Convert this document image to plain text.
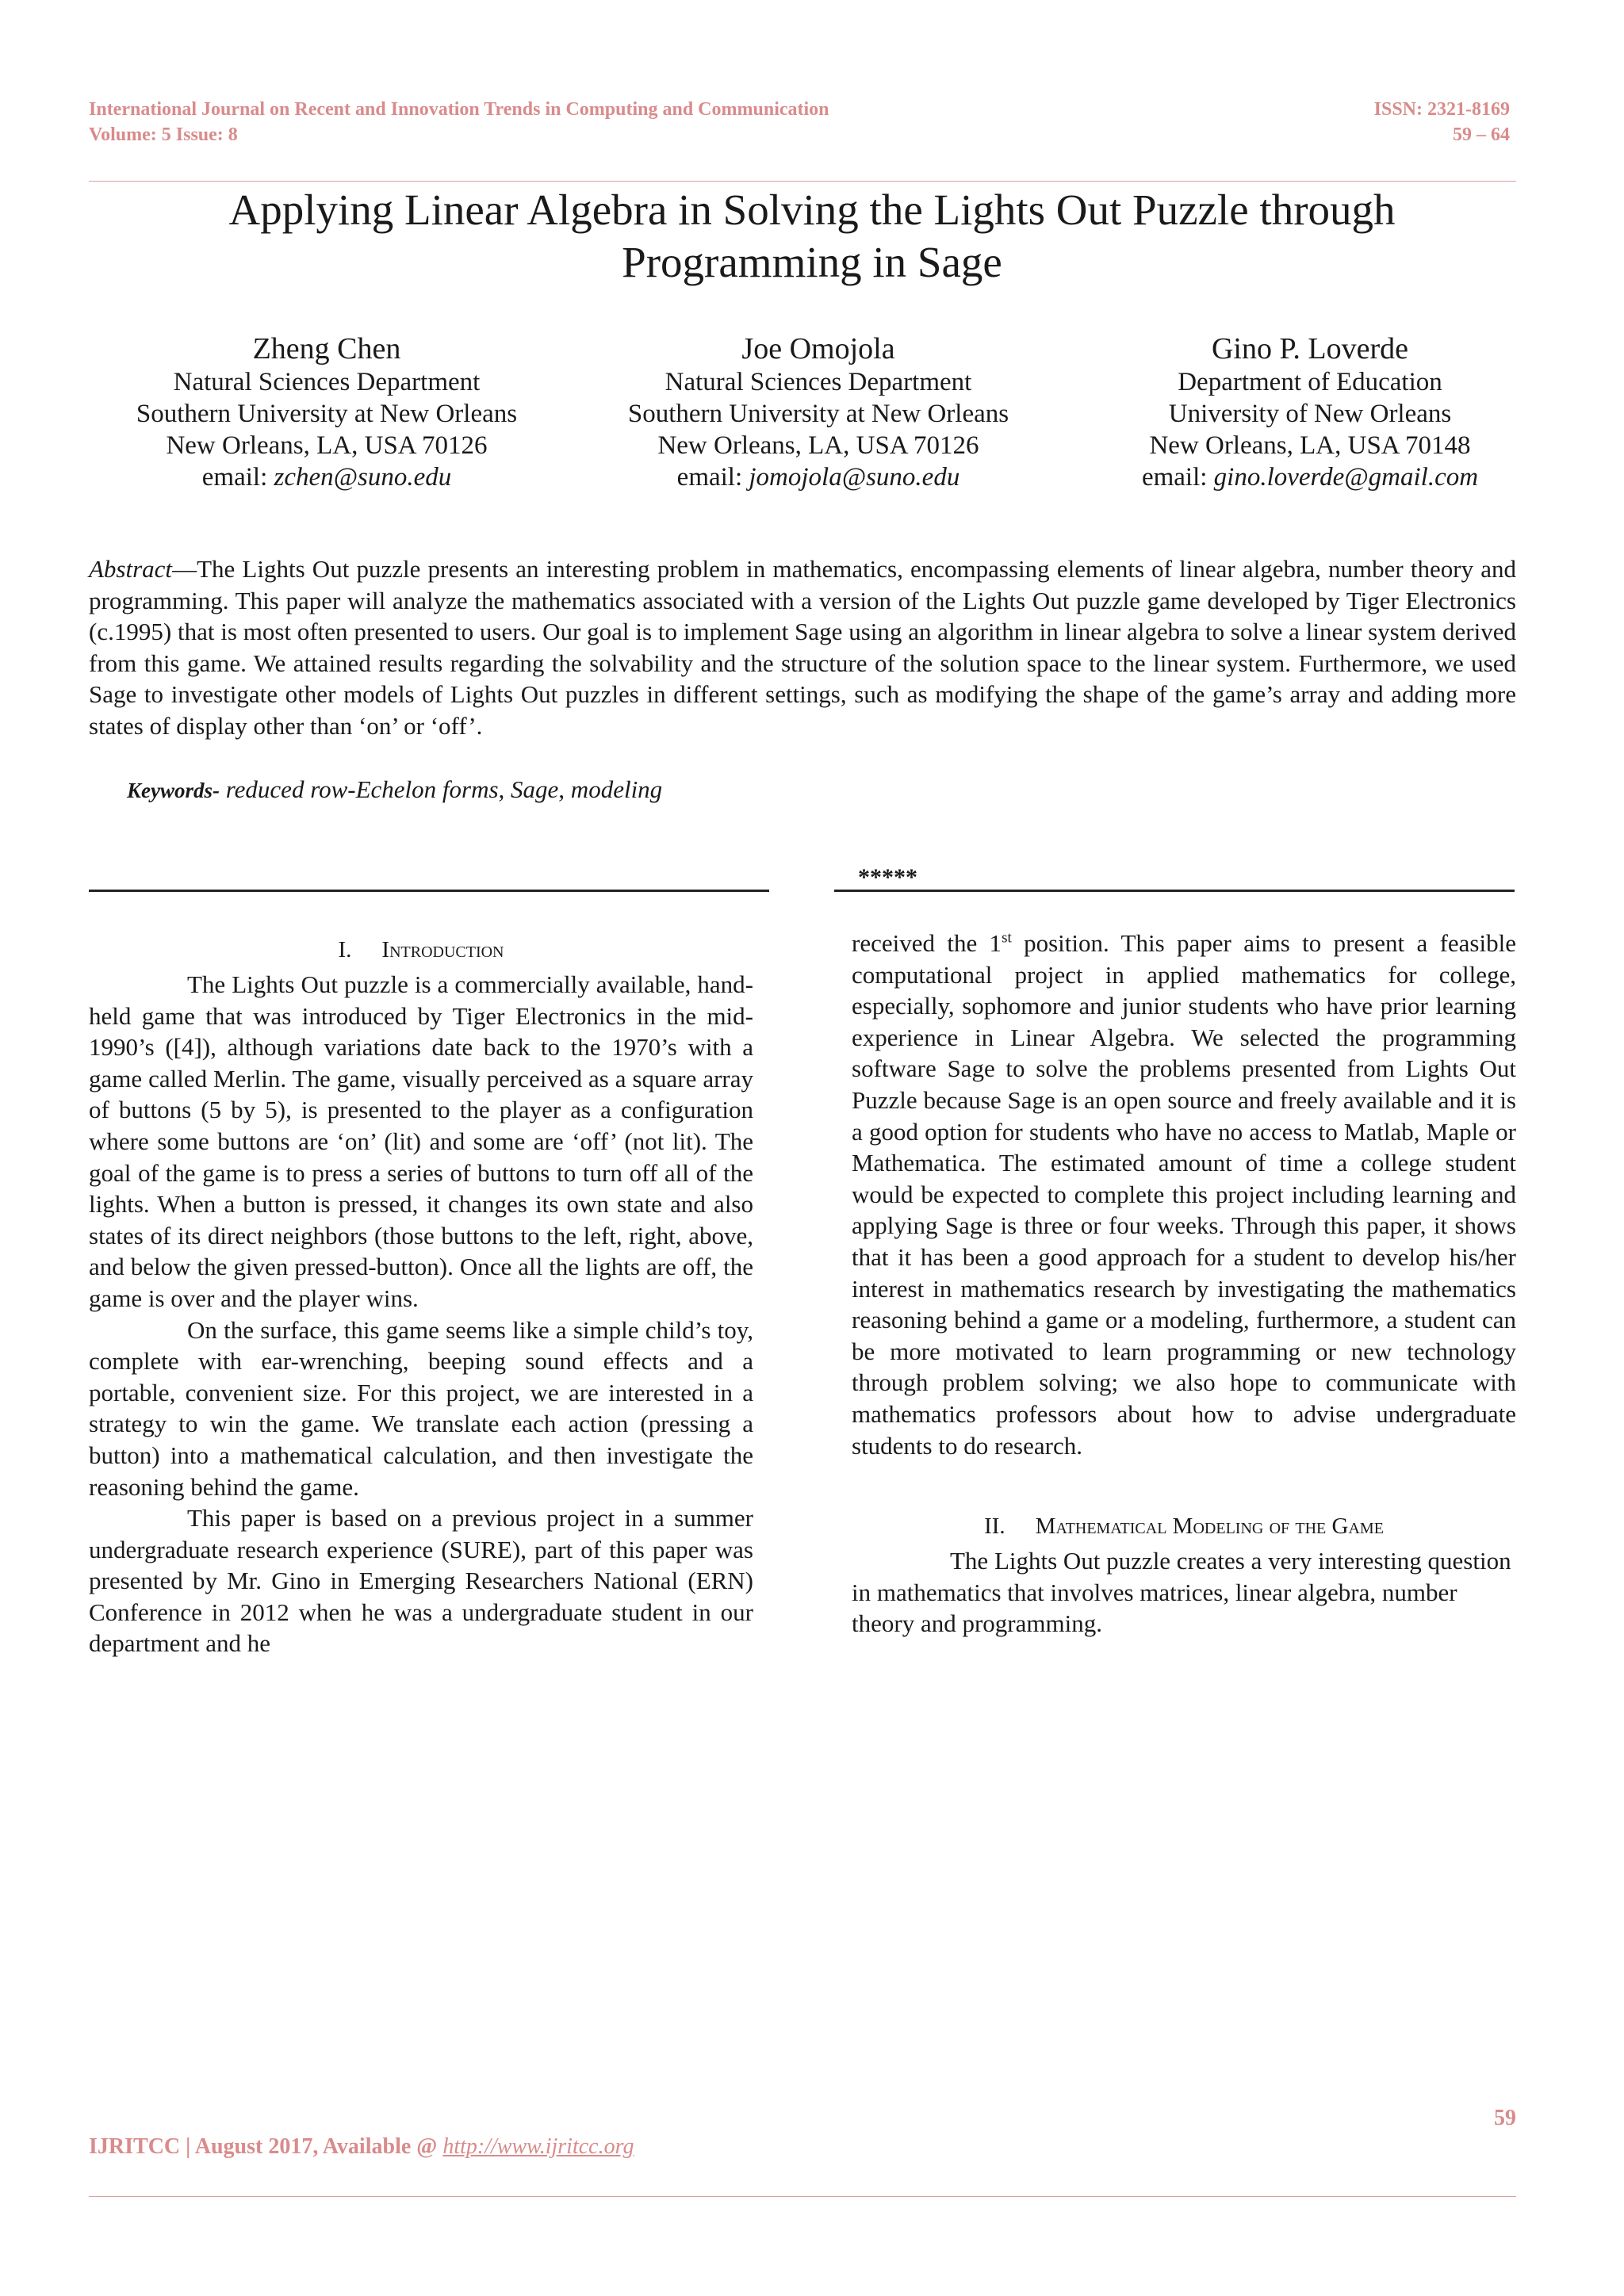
International Journal on Recent and Innovation Trends in Computing and Communication
Volume: 5 Issue: 8
ISSN: 2321-8169
59 – 64
Applying Linear Algebra in Solving the Lights Out Puzzle through Programming in Sage
Zheng Chen
Natural Sciences Department
Southern University at New Orleans
New Orleans, LA, USA 70126
email: zchen@suno.edu
Joe Omojola
Natural Sciences Department
Southern University at New Orleans
New Orleans, LA, USA 70126
email: jomojola@suno.edu
Gino P. Loverde
Department of Education
University of New Orleans
New Orleans, LA, USA 70148
email: gino.loverde@gmail.com
Abstract—The Lights Out puzzle presents an interesting problem in mathematics, encompassing elements of linear algebra, number theory and programming. This paper will analyze the mathematics associated with a version of the Lights Out puzzle game developed by Tiger Electronics (c.1995) that is most often presented to users. Our goal is to implement Sage using an algorithm in linear algebra to solve a linear system derived from this game. We attained results regarding the solvability and the structure of the solution space to the linear system. Furthermore, we used Sage to investigate other models of Lights Out puzzles in different settings, such as modifying the shape of the game’s array and adding more states of display other than ‘on’ or ‘off’.
Keywords- reduced row-Echelon forms, Sage, modeling
*****
I. Introduction

The Lights Out puzzle is a commercially available, hand-held game that was introduced by Tiger Electronics in the mid-1990’s ([4]), although variations date back to the 1970’s with a game called Merlin. The game, visually perceived as a square array of buttons (5 by 5), is presented to the player as a configuration where some buttons are ‘on’ (lit) and some are ‘off’ (not lit). The goal of the game is to press a series of buttons to turn off all of the lights. When a button is pressed, it changes its own state and also states of its direct neighbors (those buttons to the left, right, above, and below the given pressed-button). Once all the lights are off, the game is over and the player wins.

On the surface, this game seems like a simple child’s toy, complete with ear-wrenching, beeping sound effects and a portable, convenient size. For this project, we are interested in a strategy to win the game. We translate each action (pressing a button) into a mathematical calculation, and then investigate the reasoning behind the game.

This paper is based on a previous project in a summer undergraduate research experience (SURE), part of this paper was presented by Mr. Gino in Emerging Researchers National (ERN) Conference in 2012 when he was a undergraduate student in our department and he

received the 1st position. This paper aims to present a feasible computational project in applied mathematics for college, especially, sophomore and junior students who have prior learning experience in Linear Algebra. We selected the programming software Sage to solve the problems presented from Lights Out Puzzle because Sage is an open source and freely available and it is a good option for students who have no access to Matlab, Maple or Mathematica. The estimated amount of time a college student would be expected to complete this project including learning and applying Sage is three or four weeks. Through this paper, it shows that it has been a good approach for a student to develop his/her interest in mathematics research by investigating the mathematics reasoning behind a game or a modeling, furthermore, a student can be more motivated to learn programming or new technology through problem solving; we also hope to communicate with mathematics professors about how to advise undergraduate students to do research.

II. Mathematical Modeling of the Game

The Lights Out puzzle creates a very interesting question in mathematics that involves matrices, linear algebra, number theory and programming.

59
IJRITCC | August 2017, Available @ http://www.ijritcc.org
